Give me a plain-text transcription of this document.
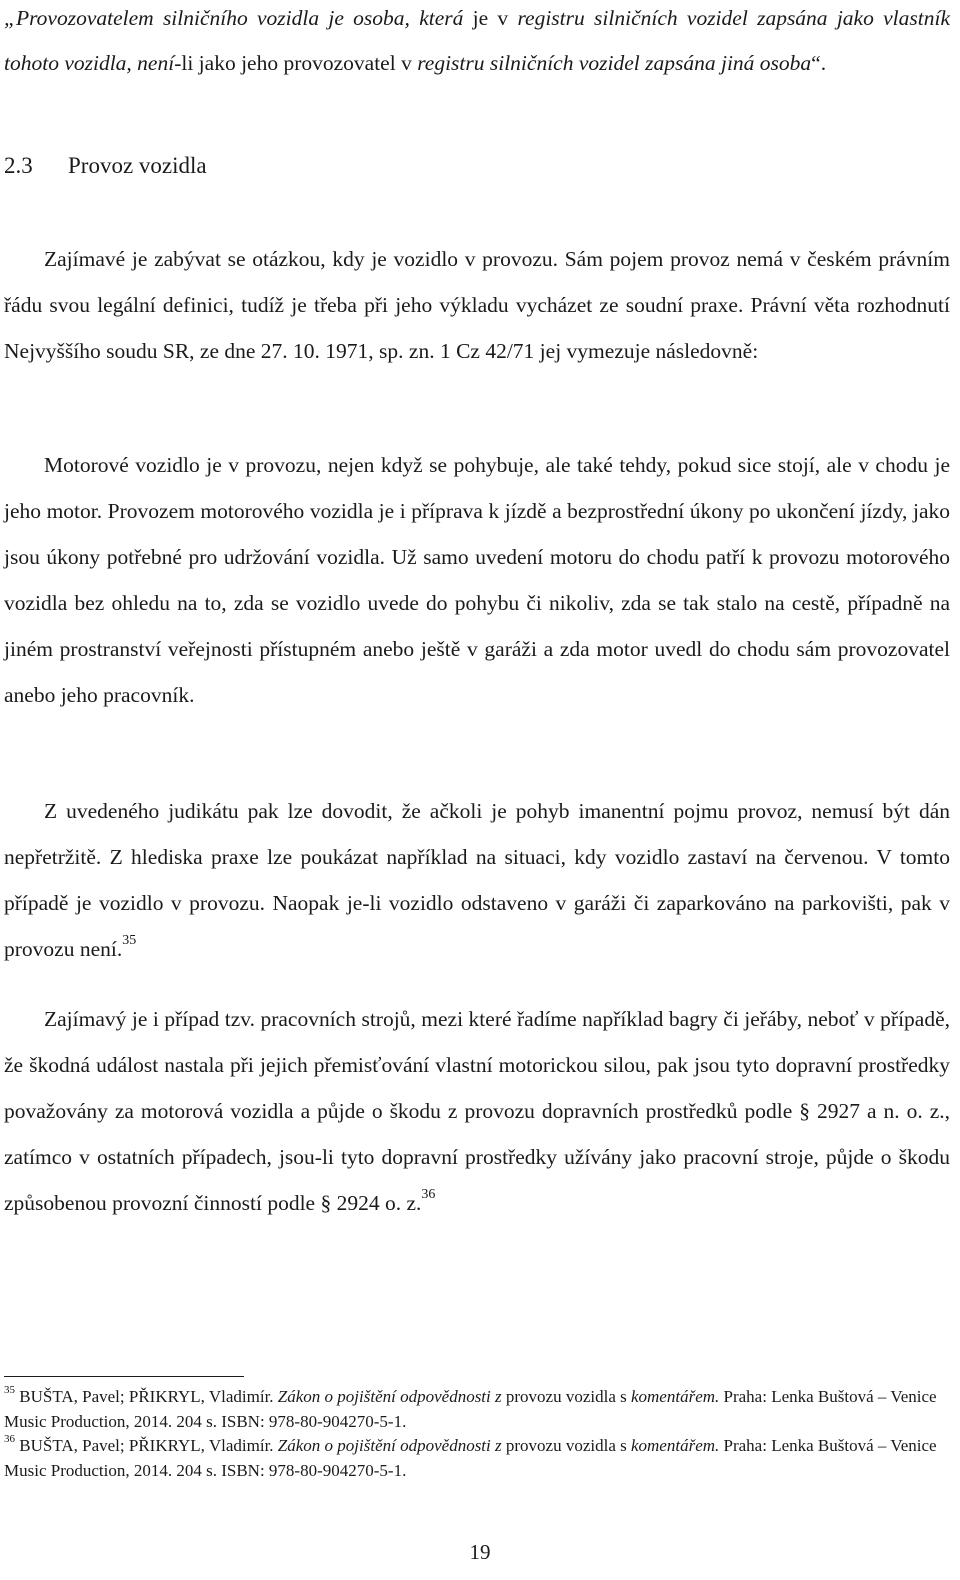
„Provozovatelem silničního vozidla je osoba, která je v registru silničních vozidel zapsána jako vlastník tohoto vozidla, není-li jako jeho provozovatel v registru silničních vozidel zapsána jiná osoba“.
2.3 Provoz vozidla

Zajímavé je zabývat se otázkou, kdy je vozidlo v provozu. Sám pojem provoz nemá v českém právním řádu svou legální definici, tudíž je třeba při jeho výkladu vycházet ze soudní praxe. Právní věta rozhodnutí Nejvyššího soudu SR, ze dne 27. 10. 1971, sp. zn. 1 Cz 42/71 jej vymezuje následovně:

Motorové vozidlo je v provozu, nejen když se pohybuje, ale také tehdy, pokud sice stojí, ale v chodu je jeho motor. Provozem motorového vozidla je i příprava k jízdě a bezprostřední úkony po ukončení jízdy, jako jsou úkony potřebné pro udržování vozidla. Už samo uvedení motoru do chodu patří k provozu motorového vozidla bez ohledu na to, zda se vozidlo uvede do pohybu či nikoliv, zda se tak stalo na cestě, případně na jiném prostranství veřejnosti přístupném anebo ještě v garáži a zda motor uvedl do chodu sám provozovatel anebo jeho pracovník.

Z uvedeného judikátu pak lze dovodit, že ačkoli je pohyb imanentní pojmu provoz, nemusí být dán nepřetržitě. Z hlediska praxe lze poukázat například na situaci, kdy vozidlo zastaví na červenou. V tomto případě je vozidlo v provozu. Naopak je-li vozidlo odstaveno v garáži či zaparkováno na parkovišti, pak v provozu není.$^{35}$

Zajímavý je i případ tzv. pracovních strojů, mezi které řadíme například bagry či jeřáby, neboť v případě, že škodná událost nastala při jejich přemisťování vlastní motorickou silou, pak jsou tyto dopravní prostředky považovány za motorová vozidla a půjde o škodu z provozu dopravních prostředků podle § 2927 a n. o. z., zatímco v ostatních případech, jsou-li tyto dopravní prostředky užívány jako pracovní stroje, půjde o škodu způsobenou provozní činností podle § 2924 o. z.$^{36}$

$^{35}$ BUŠTA, Pavel; PŘIKRYL, Vladimír. Zákon o pojištění odpovědnosti z provozu vozidla s komentářem. Praha: Lenka Buštová – Venice Music Production, 2014. 204 s. ISBN: 978-80-904270-5-1.
$^{36}$ BUŠTA, Pavel; PŘIKRYL, Vladimír. Zákon o pojištění odpovědnosti z provozu vozidla s komentářem. Praha: Lenka Buštová – Venice Music Production, 2014. 204 s. ISBN: 978-80-904270-5-1.
19
